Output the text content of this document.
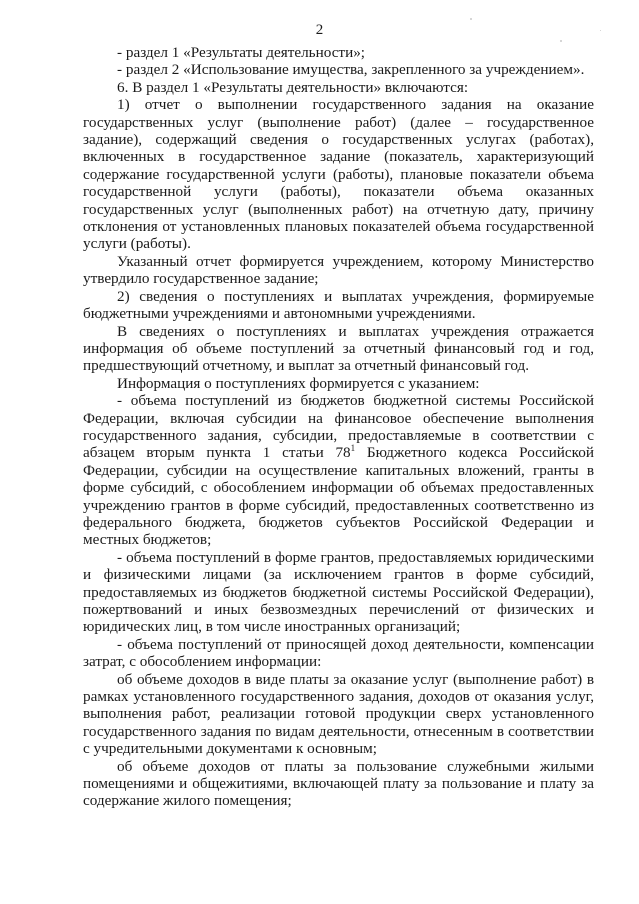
2

- раздел 1 «Результаты деятельности»;

- раздел 2 «Использование имущества, закрепленного за учреждением».

6. В раздел 1 «Результаты деятельности» включаются:

1) отчет о выполнении государственного задания на оказание государственных услуг (выполнение работ) (далее – государственное задание), содержащий сведения о государственных услугах (работах), включенных в государственное задание (показатель, характеризующий содержание государственной услуги (работы), плановые показатели объема государственной услуги (работы), показатели объема оказанных государственных услуг (выполненных работ) на отчетную дату, причину отклонения от установленных плановых показателей объема государственной услуги (работы).

Указанный отчет формируется учреждением, которому Министерство утвердило государственное задание;

2) сведения о поступлениях и выплатах учреждения, формируемые бюджетными учреждениями и автономными учреждениями.

В сведениях о поступлениях и выплатах учреждения отражается информация об объеме поступлений за отчетный финансовый год и год, предшествующий отчетному, и выплат за отчетный финансовый год.

Информация о поступлениях формируется с указанием:

- объема поступлений из бюджетов бюджетной системы Российской Федерации, включая субсидии на финансовое обеспечение выполнения государственного задания, субсидии, предоставляемые в соответствии с абзацем вторым пункта 1 статьи $78^1$ Бюджетного кодекса Российской Федерации, субсидии на осуществление капитальных вложений, гранты в форме субсидий, с обособлением информации об объемах предоставленных учреждению грантов в форме субсидий, предоставленных соответственно из федерального бюджета, бюджетов субъектов Российской Федерации и местных бюджетов;

- объема поступлений в форме грантов, предоставляемых юридическими и физическими лицами (за исключением грантов в форме субсидий, предоставляемых из бюджетов бюджетной системы Российской Федерации), пожертвований и иных безвозмездных перечислений от физических и юридических лиц, в том числе иностранных организаций;

- объема поступлений от приносящей доход деятельности, компенсации затрат, с обособлением информации:

об объеме доходов в виде платы за оказание услуг (выполнение работ) в рамках установленного государственного задания, доходов от оказания услуг, выполнения работ, реализации готовой продукции сверх установленного государственного задания по видам деятельности, отнесенным в соответствии с учредительными документами к основным;

об объеме доходов от платы за пользование служебными жилыми помещениями и общежитиями, включающей плату за пользование и плату за содержание жилого помещения;
